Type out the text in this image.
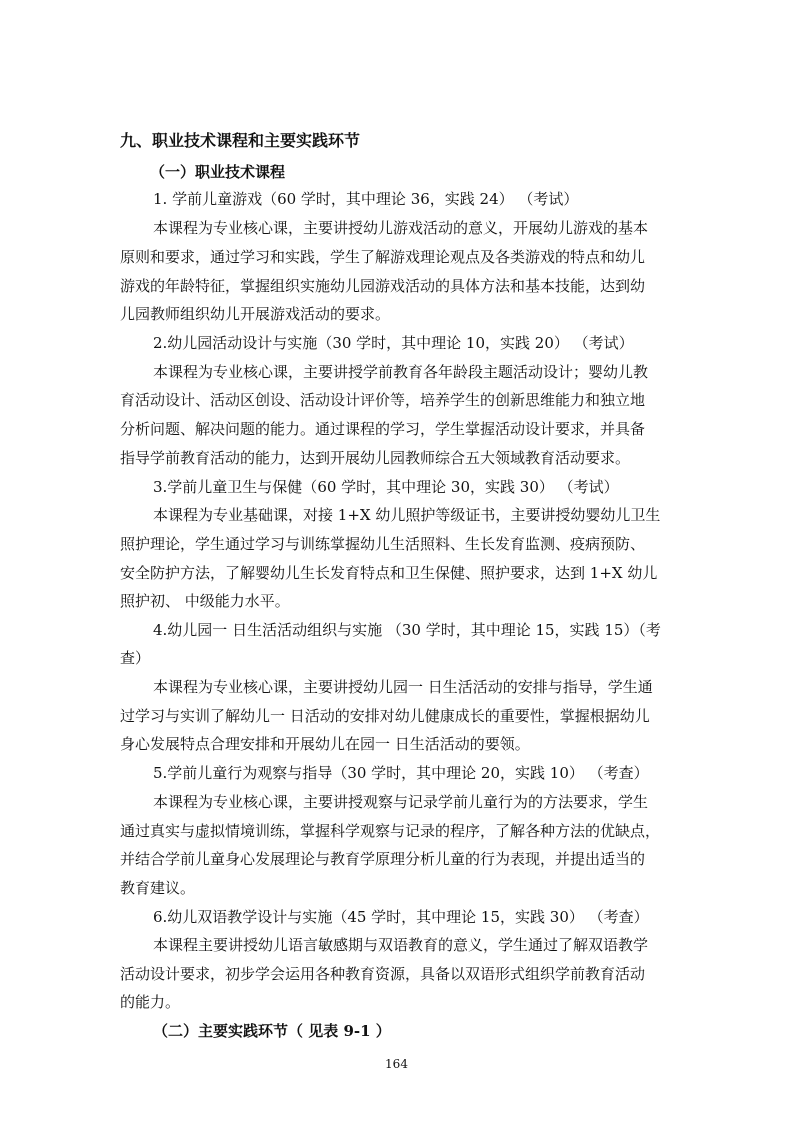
九、职业技术课程和主要实践环节
（一）职业技术课程
1. 学前儿童游戏（60 学时，其中理论 36，实践 24） （考试）
本课程为专业核心课，主要讲授幼儿游戏活动的意义，开展幼儿游戏的基本
原则和要求，通过学习和实践，学生了解游戏理论观点及各类游戏的特点和幼儿
游戏的年龄特征，掌握组织实施幼儿园游戏活动的具体方法和基本技能，达到幼
儿园教师组织幼儿开展游戏活动的要求。
2.幼儿园活动设计与实施（30 学时，其中理论 10，实践 20） （考试）
本课程为专业核心课，主要讲授学前教育各年龄段主题活动设计；婴幼儿教
育活动设计、活动区创设、活动设计评价等，培养学生的创新思维能力和独立地
分析问题、解决问题的能力。通过课程的学习，学生掌握活动设计要求，并具备
指导学前教育活动的能力，达到开展幼儿园教师综合五大领域教育活动要求。
3.学前儿童卫生与保健（60 学时，其中理论 30，实践 30） （考试）
本课程为专业基础课，对接 1+X 幼儿照护等级证书，主要讲授幼婴幼儿卫生
照护理论，学生通过学习与训练掌握幼儿生活照料、生长发育监测、疫病预防、
安全防护方法，了解婴幼儿生长发育特点和卫生保健、照护要求，达到 1+X 幼儿
照护初、 中级能力水平。
4.幼儿园一 日生活活动组织与实施 （30 学时，其中理论 15，实践 15）（考
查）
本课程为专业核心课，主要讲授幼儿园一 日生活活动的安排与指导，学生通
过学习与实训了解幼儿一 日活动的安排对幼儿健康成长的重要性，掌握根据幼儿
身心发展特点合理安排和开展幼儿在园一 日生活活动的要领。
5.学前儿童行为观察与指导（30 学时，其中理论 20，实践 10） （考查）
本课程为专业核心课，主要讲授观察与记录学前儿童行为的方法要求，学生
通过真实与虚拟情境训练，掌握科学观察与记录的程序，了解各种方法的优缺点，
并结合学前儿童身心发展理论与教育学原理分析儿童的行为表现，并提出适当的
教育建议。
6.幼儿双语教学设计与实施（45 学时，其中理论 15，实践 30） （考查）
本课程主要讲授幼儿语言敏感期与双语教育的意义，学生通过了解双语教学
活动设计要求，初步学会运用各种教育资源，具备以双语形式组织学前教育活动
的能力。
（二）主要实践环节（ 见表 9-1 ）
164
